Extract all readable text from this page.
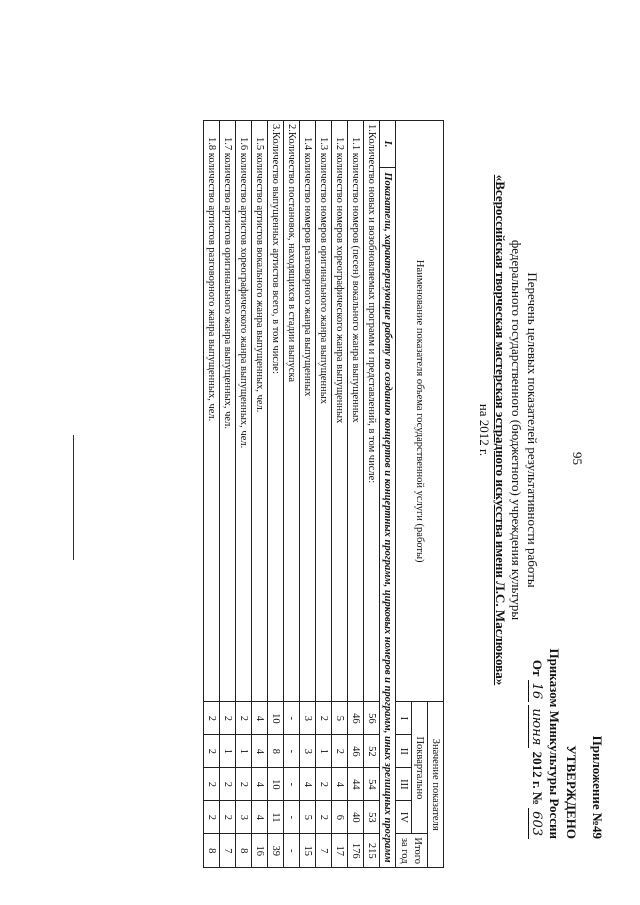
95
Приложение №49
УТВЕРЖДЕНО
Приказом Минкультуры России
От 16 июня 2012 г. № 603
Перечень целевых показателей результативности работы
федерального государственного (бюджетного) учреждения культуры
«Всероссийская творческая мастерская эстрадного искусства имени Л.С. Маслюкова»
на 2012 г.
Наименование показателя объема государственной услуги (работы)		Значение показателя				
		Поквартально				Итого
за год

		I	II	III	IV	
I.	Показатели, характеризующие работу по созданию концертов и концертных программ, цирковых номеров и программ, иных зрелищных программ					
1.Количество новых и возобновляемых программ и представлений, в том числе:		56	52	54	53	215
1.1 количество номеров (песен) вокального жанра выпущенных		46	46	44	40	176
1.2 количество номеров хореографического жанра выпущенных		5	2	4	6	17
1.3 количество номеров оригинального жанра выпущенных		2	1	2	2	7
1.4 количество номеров разговорного жанра выпущенных		3	3	4	5	15
2.Количество постановок, находящихся в стадии выпуска		-	-	-	-	-
3.Количество выпущенных артистов всего, в том числе:		10	8	10	11	39
1.5 количество артистов вокального жанра выпущенных, чел.		4	4	4	4	16
1.6 количество артистов хореографического жанра выпущенных, чел.		2	1	2	3	8
1.7 количество артистов оригинального жанра выпущенных, чел.		2	1	2	2	7
1.8 количество артистов разговорного жанра выпущенных, чел.		2	2	2	2	8
